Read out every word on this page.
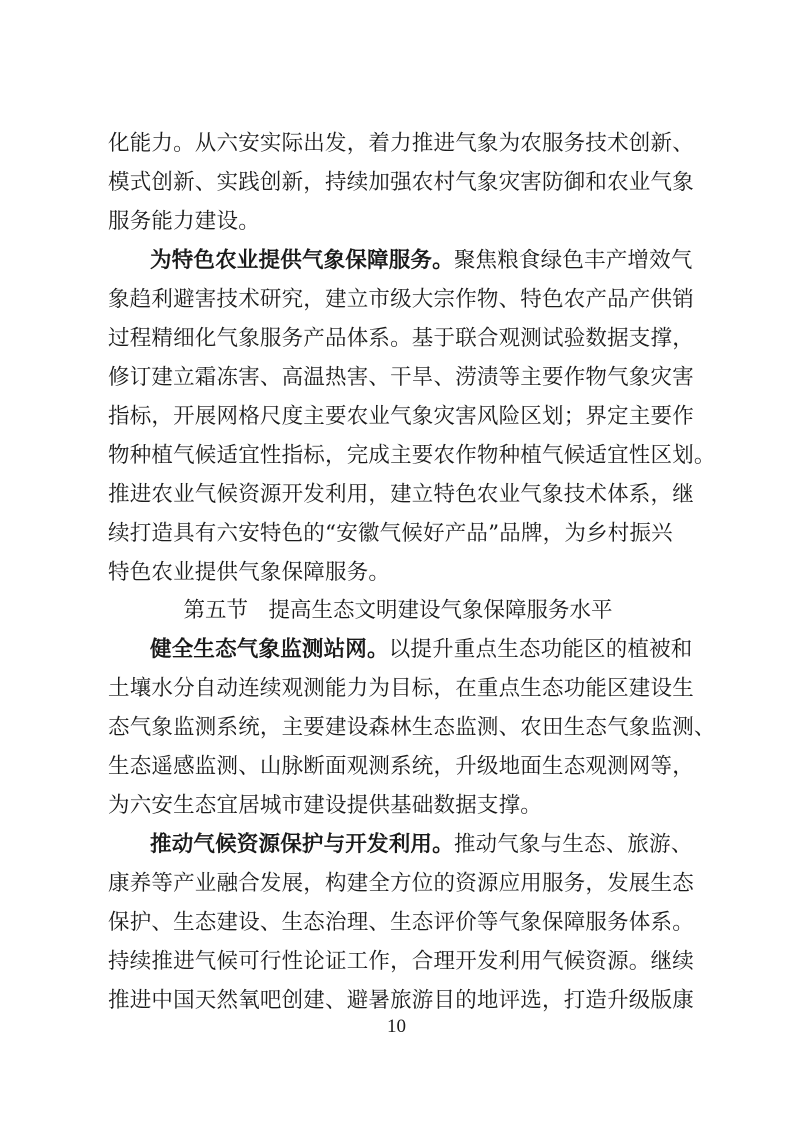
化能力。从六安实际出发，着力推进气象为农服务技术创新、
模式创新、实践创新，持续加强农村气象灾害防御和农业气象
服务能力建设。
为特色农业提供气象保障服务。聚焦粮食绿色丰产增效气
象趋利避害技术研究，建立市级大宗作物、特色农产品产供销
过程精细化气象服务产品体系。基于联合观测试验数据支撑，
修订建立霜冻害、高温热害、干旱、涝渍等主要作物气象灾害
指标，开展网格尺度主要农业气象灾害风险区划；界定主要作
物种植气候适宜性指标，完成主要农作物种植气候适宜性区划。
推进农业气候资源开发利用，建立特色农业气象技术体系，继
续打造具有六安特色的“安徽气候好产品”品牌，为乡村振兴
特色农业提供气象保障服务。
第五节 提高生态文明建设气象保障服务水平
健全生态气象监测站网。以提升重点生态功能区的植被和
土壤水分自动连续观测能力为目标，在重点生态功能区建设生
态气象监测系统，主要建设森林生态监测、农田生态气象监测、
生态遥感监测、山脉断面观测系统，升级地面生态观测网等，
为六安生态宜居城市建设提供基础数据支撑。
推动气候资源保护与开发利用。推动气象与生态、旅游、
康养等产业融合发展，构建全方位的资源应用服务，发展生态
保护、生态建设、生态治理、生态评价等气象保障服务体系。
持续推进气候可行性论证工作，合理开发利用气候资源。继续
推进中国天然氧吧创建、避暑旅游目的地评选，打造升级版康
10
